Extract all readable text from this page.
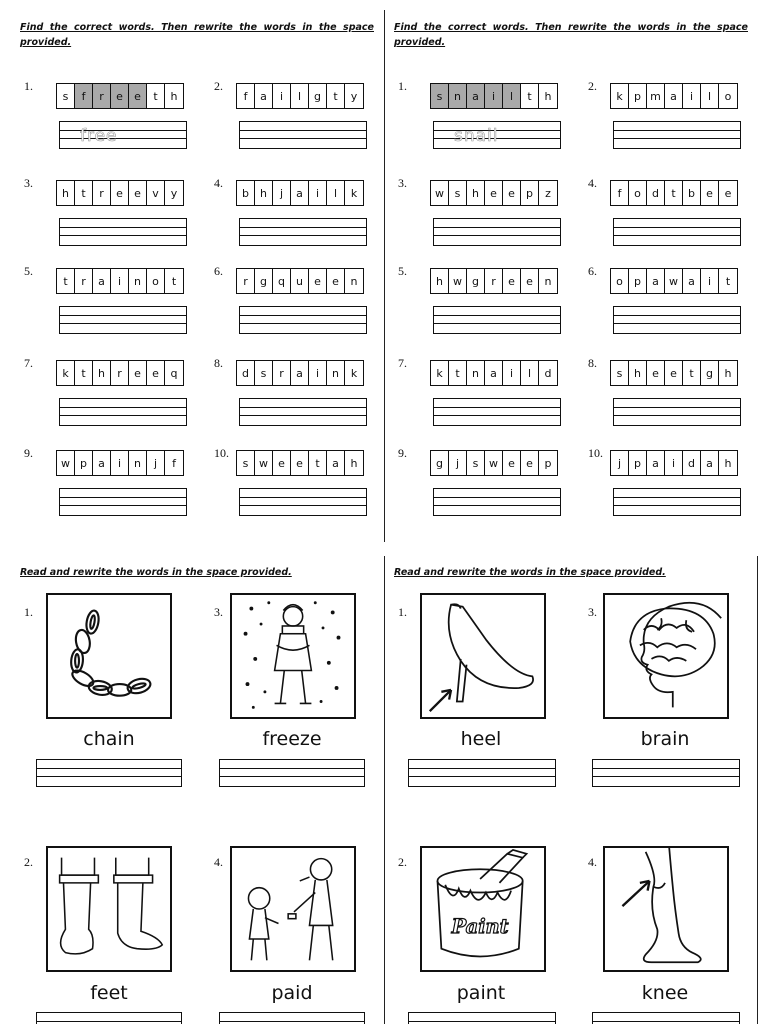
Find the correct words. Then rewrite the words in the space provided.
1.
s	f	r	e	e	t	h
free
2.
f	a	i	l	g	t	y
3.
h	t	r	e	e	v	y
4.
b	h	j	a	i	l	k
5.
t	r	a	i	n	o	t
6.
r	g	q	u	e	e	n
7.
k	t	h	r	e	e	q
8.
d	s	r	a	i	n	k
9.
w p	a	i	n	j	f
10.
s w e	e	t	a	h
Find the correct words. Then rewrite the words in the space provided.
1.
s	n	a	i	l	t	h
snail
2.
k	p m a	i	l	o
3.
w s	h	e	e	p	z
4.
f	o	d	t	b	e	e
5.
h w g	r	e	e	n
6.
o	p	a w a	i	t
7.
k	t	n	a	i	l	d
8.
s	h	e	e	t	g	h
9.
g	j	s w e	e	p
10.
j	p	a	i	d	a	h
Read and rewrite the words in the space provided.
1.
chain
3.
freeze
2.
feet
4.
paid
Read and rewrite the words in the space provided.
1.
heel
3.
brain
2.
Paint
paint
4.
knee
